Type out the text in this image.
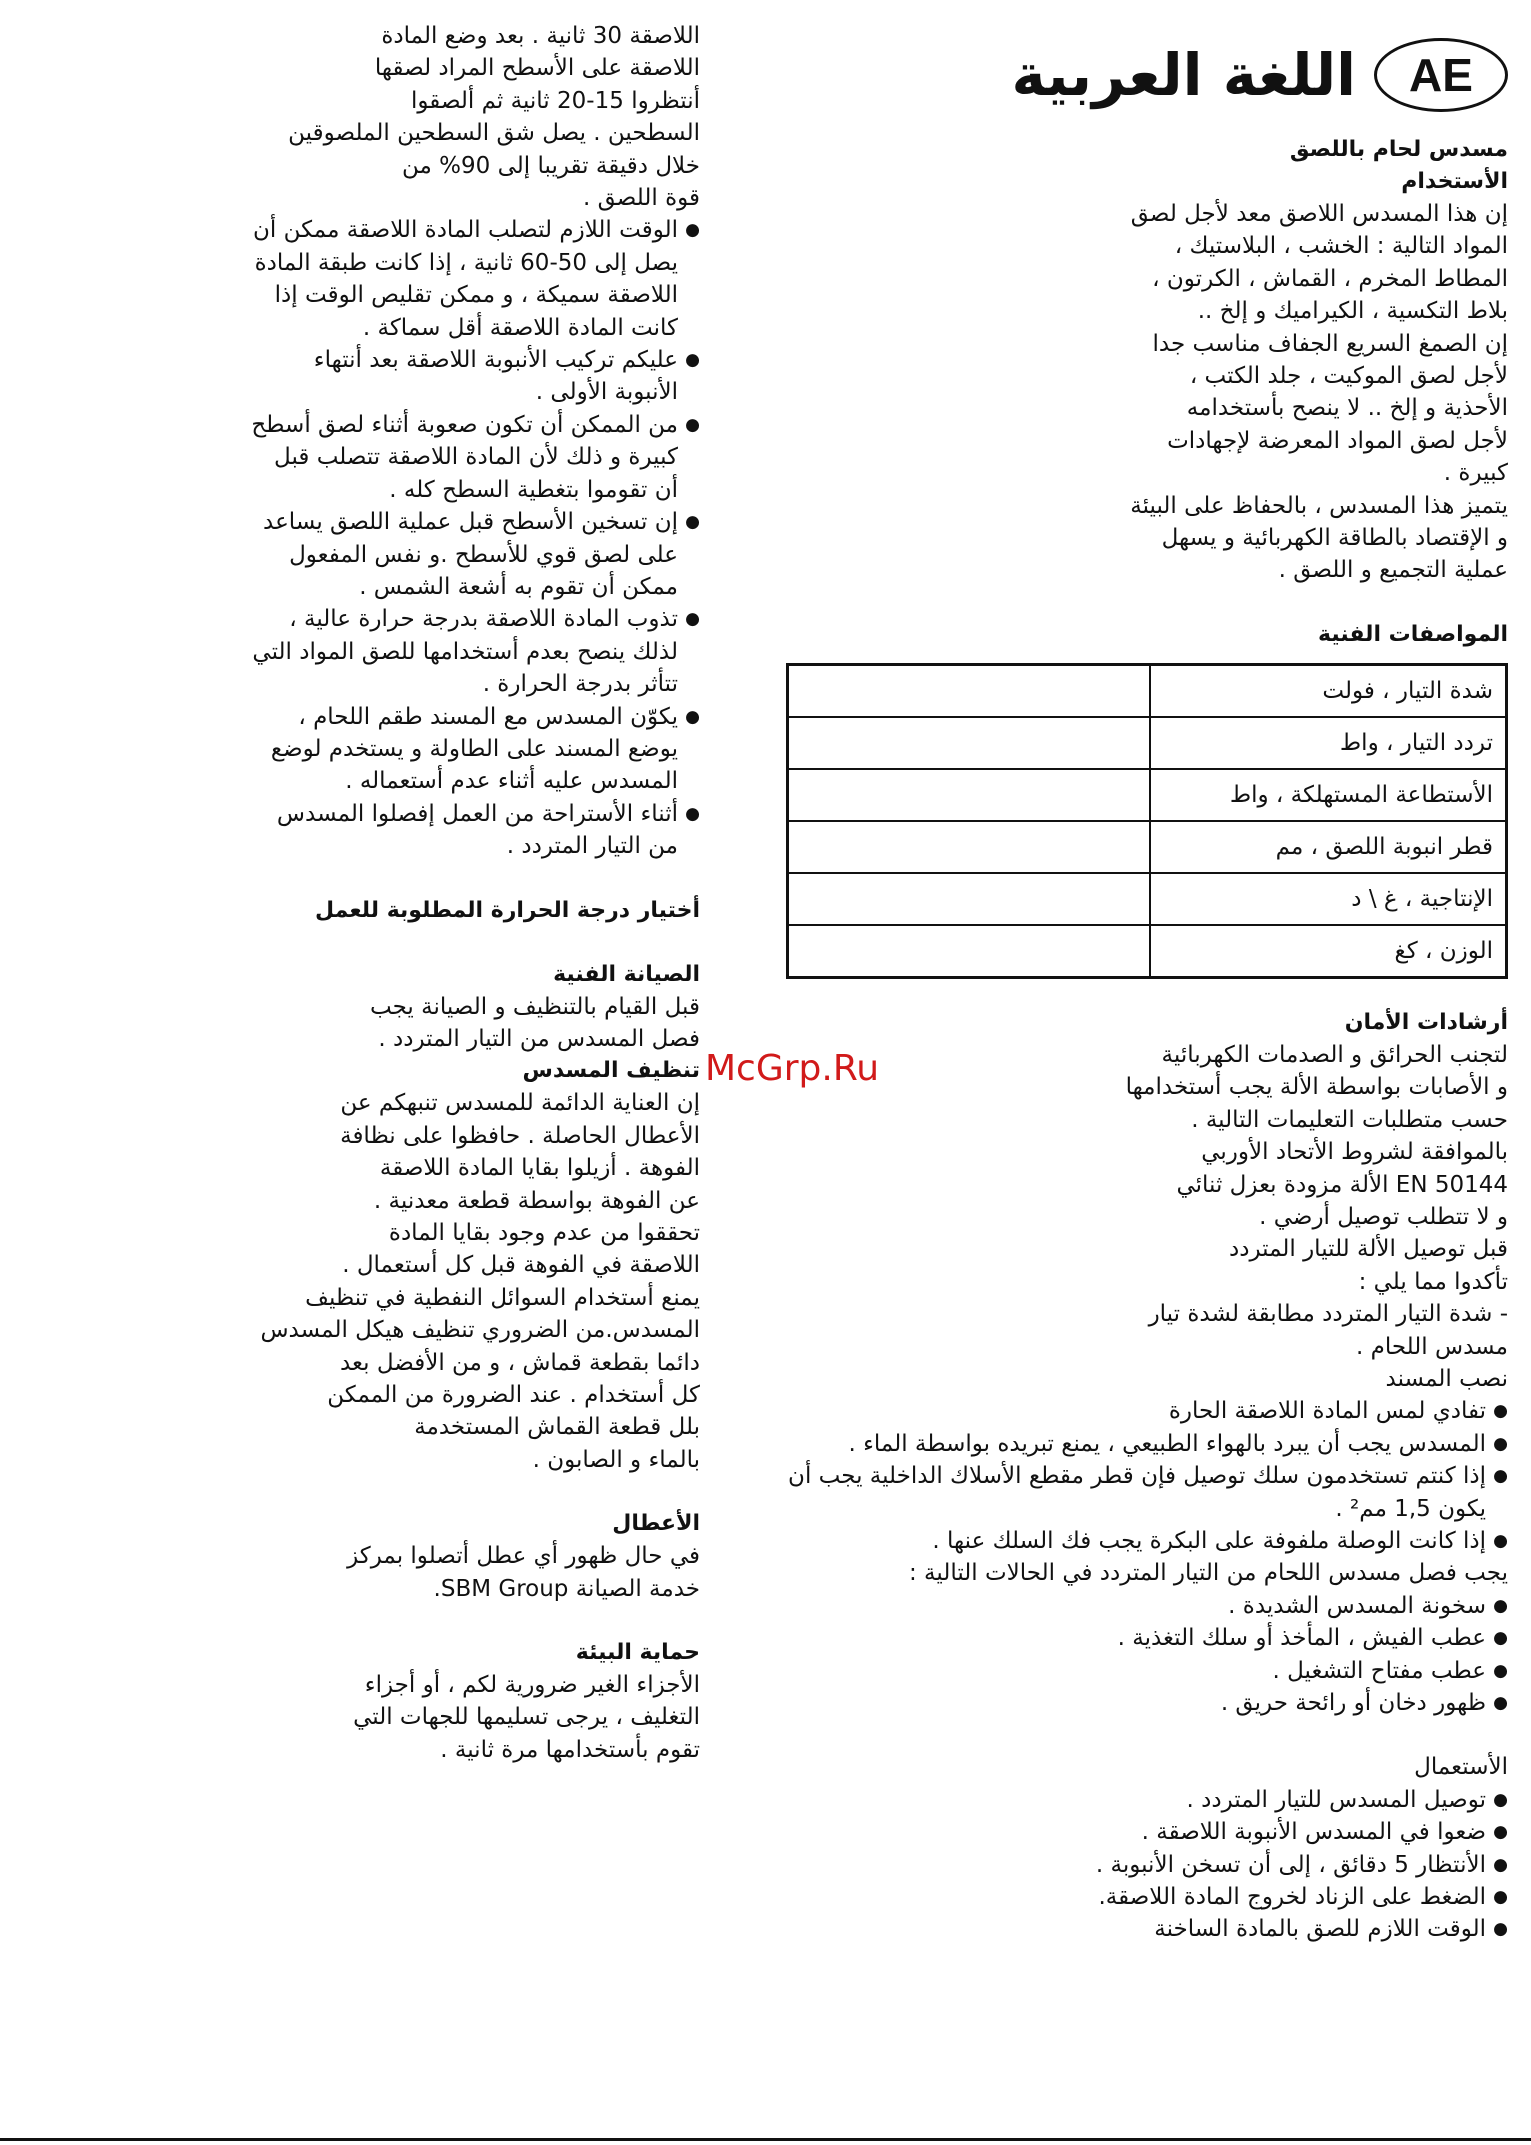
AE
اللغة العربية
مسدس لحام باللصق
الأستخدام

إن هذا المسدس اللاصق معد لأجل لصق

المواد التالية : الخشب ، البلاستيك ،

المطاط المخرم ، القماش ، الكرتون ،

بلاط التكسية ، الكيراميك و إلخ ..

إن الصمغ السريع الجفاف مناسب جدا

لأجل لصق الموكيت ، جلد الكتب ،

الأحذية و إلخ .. لا ينصح بأستخدامه

لأجل لصق المواد المعرضة لإجهادات

كبيرة .

يتميز هذا المسدس ، بالحفاظ على البيئة

و الإقتصاد بالطاقة الكهربائية و يسهل

عملية التجميع و اللصق .

المواصفات الفنية
شدة التيار ، فولت	
تردد التيار ، واط	
الأستطاعة المستهلكة ، واط	
قطر انبوبة اللصق ، مم	
الإنتاجية ، غ \ د	
الوزن ، كغ	
أرشادات الأمان

لتجنب الحرائق و الصدمات الكهربائية

و الأصابات بواسطة الألة يجب أستخدامها

حسب متطلبات التعليمات التالية .

بالموافقة لشروط الأتحاد الأوربي

EN 50144 الألة مزودة بعزل ثنائي

و لا تتطلب توصيل أرضي .

قبل توصيل الألة للتيار المتردد

تأكدوا مما يلي :

- شدة التيار المتردد مطابقة لشدة تيار

مسدس اللحام .

نصب المسند

● تفادي لمس المادة اللاصقة الحارة
● المسدس يجب أن يبرد بالهواء الطبيعي ، يمنع تبريده بواسطة الماء .
● إذا كنتم تستخدمون سلك توصيل فإن قطر مقطع الأسلاك الداخلية يجب أن يكون 1,5 مم² .
● إذا كانت الوصلة ملفوفة على البكرة يجب فك السلك عنها .

يجب فصل مسدس اللحام من التيار المتردد في الحالات التالية :

● سخونة المسدس الشديدة .
● عطب الفيش ، المأخذ أو سلك التغذية .
● عطب مفتاح التشغيل .
● ظهور دخان أو رائحة حريق .

الأستعمال

● توصيل المسدس للتيار المتردد .
● ضعوا في المسدس الأنبوبة اللاصقة .
● الأنتظار 5 دقائق ، إلى أن تسخن الأنبوبة .
● الضغط على الزناد لخروج المادة اللاصقة.
● الوقت اللازم للصق بالمادة الساخنة

اللاصقة 30 ثانية . بعد وضع المادة

اللاصقة على الأسطح المراد لصقها

أنتظروا 15-20 ثانية ثم ألصقوا

السطحين . يصل شق السطحين الملصوقين

خلال دقيقة تقريبا إلى 90% من

قوة اللصق .

● الوقت اللازم لتصلب المادة اللاصقة ممكن أن يصل إلى 50-60 ثانية ، إذا كانت طبقة المادة اللاصقة سميكة ، و ممكن تقليص الوقت إذا كانت المادة اللاصقة أقل سماكة .
● عليكم تركيب الأنبوبة اللاصقة بعد أنتهاء الأنبوبة الأولى .
● من الممكن أن تكون صعوبة أثناء لصق أسطح كبيرة و ذلك لأن المادة اللاصقة تتصلب قبل أن تقوموا بتغطية السطح كله .
● إن تسخين الأسطح قبل عملية اللصق يساعد على لصق قوي للأسطح .و نفس المفعول ممكن أن تقوم به أشعة الشمس .
● تذوب المادة اللاصقة بدرجة حرارة عالية ، لذلك ينصح بعدم أستخدامها للصق المواد التي تتأثر بدرجة الحرارة .
● يكوّن المسدس مع المسند طقم اللحام ، يوضع المسند على الطاولة و يستخدم لوضع المسدس عليه أثناء عدم أستعماله .
● أثناء الأستراحة من العمل إفصلوا المسدس من التيار المتردد .
أختيار درجة الحرارة المطلوبة للعمل
الصيانة الفنية

قبل القيام بالتنظيف و الصيانة يجب

فصل المسدس من التيار المتردد .

تنظيف المسدس

إن العناية الدائمة للمسدس تنبهكم عن

الأعطال الحاصلة . حافظوا على نظافة

الفوهة . أزيلوا بقايا المادة اللاصقة

عن الفوهة بواسطة قطعة معدنية .

تحققوا من عدم وجود بقايا المادة

اللاصقة في الفوهة قبل كل أستعمال .

يمنع أستخدام السوائل النفطية في تنظيف

المسدس.من الضروري تنظيف هيكل المسدس

دائما بقطعة قماش ، و من الأفضل بعد

كل أستخدام . عند الضرورة من الممكن

بلل قطعة القماش المستخدمة

بالماء و الصابون .

الأعطال

في حال ظهور أي عطل أتصلوا بمركز

خدمة الصيانة SBM Group.

حماية البيئة

الأجزاء الغير ضرورية لكم ، أو أجزاء

التغليف ، يرجى تسليمها للجهات التي

تقوم بأستخدامها مرة ثانية .

McGrp.Ru
